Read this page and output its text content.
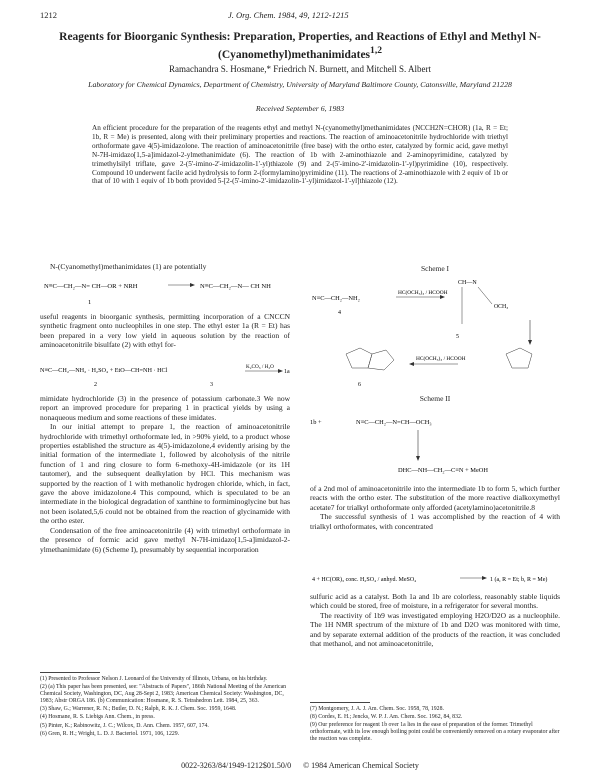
1212	J. Org. Chem. 1984, 49, 1212-1215
Reagents for Bioorganic Synthesis: Preparation, Properties, and Reactions of Ethyl and Methyl N-(Cyanomethyl)methanimidates$^{1,2}$
Ramachandra S. Hosmane,* Friedrich N. Burnett, and Mitchell S. Albert
Laboratory for Chemical Dynamics, Department of Chemistry, University of Maryland Baltimore County, Catonsville, Maryland 21228
Received September 6, 1983
An efficient procedure for the preparation of the reagents ethyl and methyl N-(cyanomethyl)methanimidates (NCCH2N=CHOR) (1a, R = Et; 1b, R = Me) is presented, along with their preliminary properties and reactions. The reaction of aminoacetonitrile hydrochloride with triethyl orthoformate gave 4(5)-imidazolone. The reaction of aminoacetonitrile (free base) with the ortho ester, catalyzed by formic acid, gave methyl N-7H-imidazo[1,5-a]imidazol-2-ylmethanimidate (6). The reaction of 1b with 2-aminothiazole and 2-aminopyrimidine, catalyzed by trimethylsilyl triflate, gave 2-(5'-imino-2'-imidazolin-1'-yl)thiazole (9) and 2-(5'-imino-2'-imidazolin-1'-yl)pyrimidine (10), respectively. Compound 10 underwent facile acid hydrolysis to form 2-(formylamino)pyrimidine (11). The reactions of 2-aminothiazole with 2 equiv of 1b or that of 10 with 1 equiv of 1b both provided 5-[2-(5'-imino-2'-imidazolin-1'-yl)imidazol-1'-yl]thiazole (12).

N-(Cyanomethyl)methanimidates (1) are potentially

N≡C—CH₂—N= CH—OR + NRH	N≡C—CH₂—N— CH NH
1

useful reagents in bioorganic synthesis, permitting incorporation of a CNCCN synthetic fragment onto nucleophiles in one step. The ethyl ester 1a (R = Et) has been prepared in a very low yield in aqueous solution by the reaction of aminoacetonitrile bisulfate (2) with ethyl for-

N≡C—CH₂—NH₂ · H₂SO₄ + EtO—CH=NH · HCl	K₂CO₃ / H₂O
1a
2	3

mimidate hydrochloride (3) in the presence of potassium carbonate.3 We now report an improved procedure for preparing 1 in practical yields by using a nonaqueous medium and some reactions of these imidates.

In our initial attempt to prepare 1, the reaction of aminoacetonitrile hydrochloride with trimethyl orthoformate led, in >90% yield, to a product whose properties established the structure as 4(5)-imidazolone,4 evidently arising by the initial formation of the intermediate 1, followed by alcoholysis of the nitrile function of 1 and ring closure to form 6-methoxy-4H-imidazole (or its 1H tautomer), and the subsequent dealkylation by HCl. This mechanism was supported by the reaction of 1 with methanolic hydrogen chloride, which, in fact, gave the above imidazolone.4 This compound, which is speculated to be an intermediate in the biological degradation of xanthine to formiminoglycine but has not been isolated,5,6 could not be obtained from the reaction of glycinamide with the ortho ester.

Condensation of the free aminoacetonitrile (4) with trimethyl orthoformate in the presence of formic acid gave methyl N-7H-imidazo[1,5-a]imidazol-2-ylmethanimidate (6) (Scheme I), presumably by sequential incorporation

(1) Presented to Professor Nelson J. Leonard of the University of Illinois, Urbana, on his birthday.
(2) (a) This paper has been presented, see: "Abstracts of Papers", 186th National Meeting of the American Chemical Society, Washington, DC, Aug 28-Sept 2, 1983; American Chemical Society: Washington, DC, 1983; Abstr ORGA 186. (b) Communication: Hosmane, R. S. Tetrahedron Lett. 1984, 25, 363.
(3) Shaw, G.; Warrener, R. N.; Butler, D. N.; Ralph, R. K. J. Chem. Soc. 1959, 1648.
(4) Hosmane, R. S. Liebigs Ann. Chem., in press.
(5) Pinter, K.; Rabinowitz, J. C.; Wilcox, D. Ann. Chem. 1957, 607, 174.
(6) Gren, R. H.; Wright, L. D. J. Bacteriol. 1971, 106, 1229.
Scheme I
N≡C—CH₂—NH₂
4
HC(OCH₃)₃ / HCOOH
CH—N
OCH₃
5
HC(OCH₃)₃ / HCOOH
6
Scheme II
1b +	N≡C—CH₂—N=CH—OCH₃
DHC—NH—CH₂—C≡N + MeOH

of a 2nd mol of aminoacetonitrile into the intermediate 1b to form 5, which further reacts with the ortho ester. The substitution of the more reactive dialkoxymethyl acetate7 for trialkyl orthoformate only afforded (acetylamino)acetonitrile.8

The successful synthesis of 1 was accomplished by the reaction of 4 with trialkyl orthoformates, with concentrated

4 + HC(OR)₃ conc. H₂SO₄ / anhyd. MeSO₄	1 (a, R = Et; b, R = Me)

sulfuric acid as a catalyst. Both 1a and 1b are colorless, reasonably stable liquids which could be stored, free of moisture, in a refrigerator for several months.

The reactivity of 1b9 was investigated employing H2O/D2O as a nucleophile. The 1H NMR spectrum of the mixture of 1b and D2O was monitored with time, and by separate external addition of the products of the reaction, it was concluded that methanol, and not aminoacetonitrile,

(7) Montgomery, J. A. J. Am. Chem. Soc. 1958, 78, 1928.
(8) Cordes, E. H.; Jencks, W. P. J. Am. Chem. Soc. 1962, 84, 832.
(9) Our preference for reagent 1b over 1a lies in the ease of preparation of the former. Trimethyl orthoformate, with its low enough boiling point could be conveniently removed on a rotary evaporator after the reaction was complete.
0022-3263/84/1949-1212$01.50/0 © 1984 American Chemical Society
